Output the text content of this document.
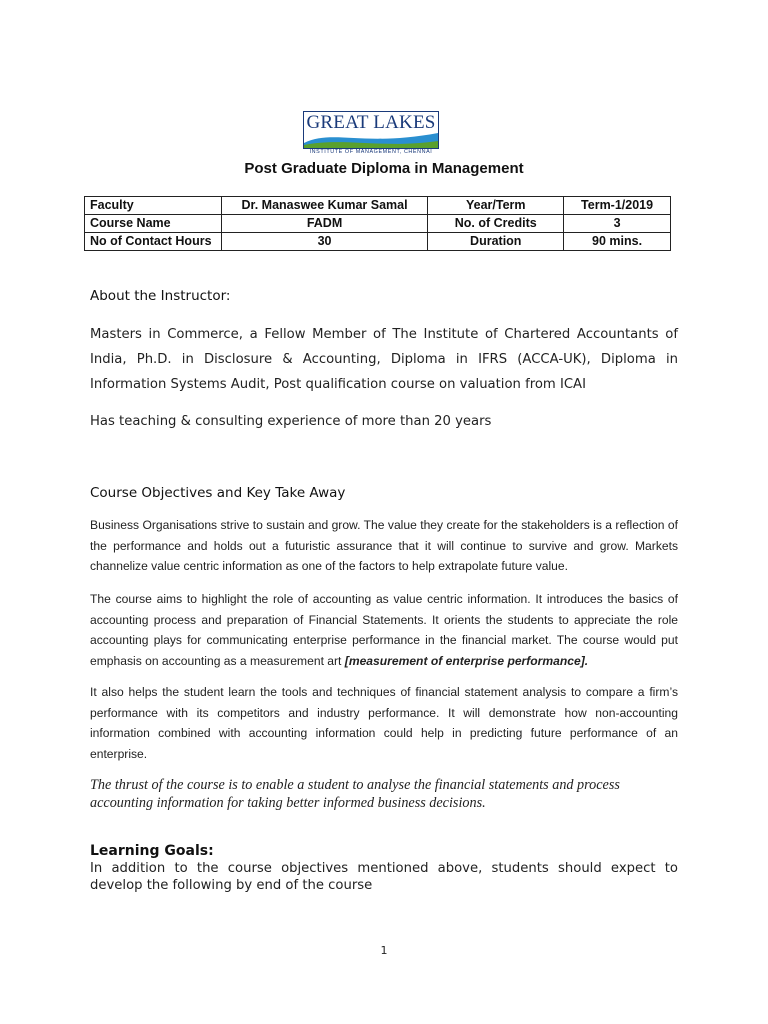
GREAT LAKES
INSTITUTE OF MANAGEMENT, CHENNAI
Post Graduate Diploma in Management
Faculty	Dr. Manaswee Kumar Samal	Year/Term	Term-1/2019
Course Name	FADM	No. of Credits	3
No of Contact Hours	30	Duration	90 mins.
About the Instructor:
Masters in Commerce, a Fellow Member of The Institute of Chartered Accountants of India, Ph.D. in Disclosure & Accounting, Diploma in IFRS (ACCA-UK), Diploma in Information Systems Audit, Post qualification course on valuation from ICAI
Has teaching & consulting experience of more than 20 years
Course Objectives and Key Take Away
Business Organisations strive to sustain and grow. The value they create for the stakeholders is a reflection of the performance and holds out a futuristic assurance that it will continue to survive and grow. Markets channelize value centric information as one of the factors to help extrapolate future value.
The course aims to highlight the role of accounting as value centric information. It introduces the basics of accounting process and preparation of Financial Statements. It orients the students to appreciate the role accounting plays for communicating enterprise performance in the financial market. The course would put emphasis on accounting as a measurement art [measurement of enterprise performance].
It also helps the student learn the tools and techniques of financial statement analysis to compare a firm’s performance with its competitors and industry performance. It will demonstrate how non-accounting information combined with accounting information could help in predicting future performance of an enterprise.
The thrust of the course is to enable a student to analyse the financial statements and process accounting information for taking better informed business decisions.
Learning Goals:
In addition to the course objectives mentioned above, students should expect to develop the following by end of the course
1
